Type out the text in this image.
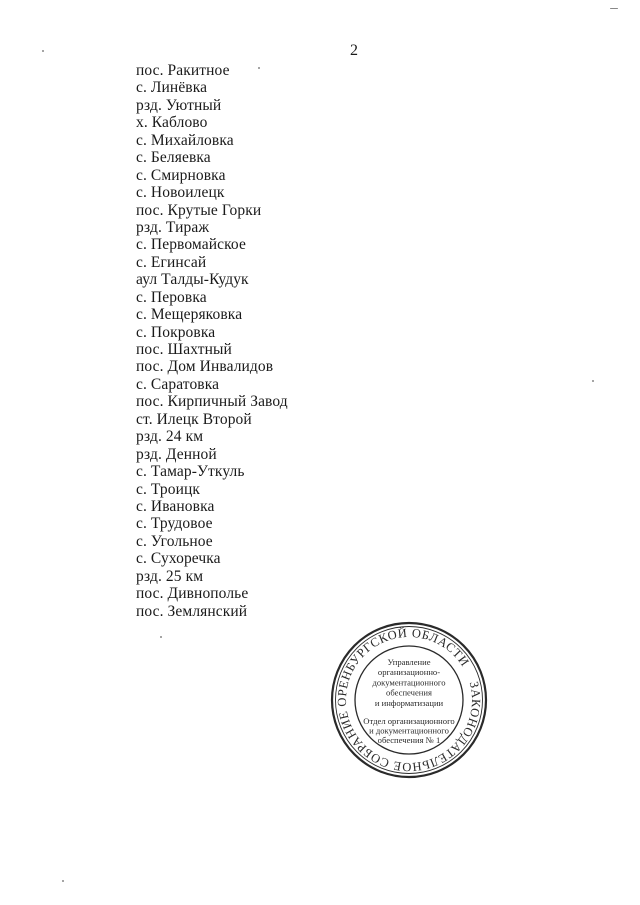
2
пос. Ракитное
с. Линёвка
рзд. Уютный
х. Каблово
с. Михайловка
с. Беляевка
с. Смирновка
с. Новоилецк
пос. Крутые Горки
рзд. Тираж
с. Первомайское
с. Егинсай
аул Талды-Кудук
с. Перовка
с. Мещеряковка
с. Покровка
пос. Шахтный
пос. Дом Инвалидов
с. Саратовка
пос. Кирпичный Завод
ст. Илецк Второй
рзд. 24 км
рзд. Денной
с. Тамар-Уткуль
с. Троицк
с. Ивановка
с. Трудовое
с. Угольное
с. Сухоречка
рзд. 25 км
пос. Дивнополье
пос. Землянский
ЗАКОНОДАТЕЛЬНОЕ СОБРАНИЕ ОРЕНБУРГСКОЙ ОБЛАСТИ
Управление
организационно-
документационного
обеспечения
и информатизации
Отдел организационного
и документационного
обеспечения № 1
